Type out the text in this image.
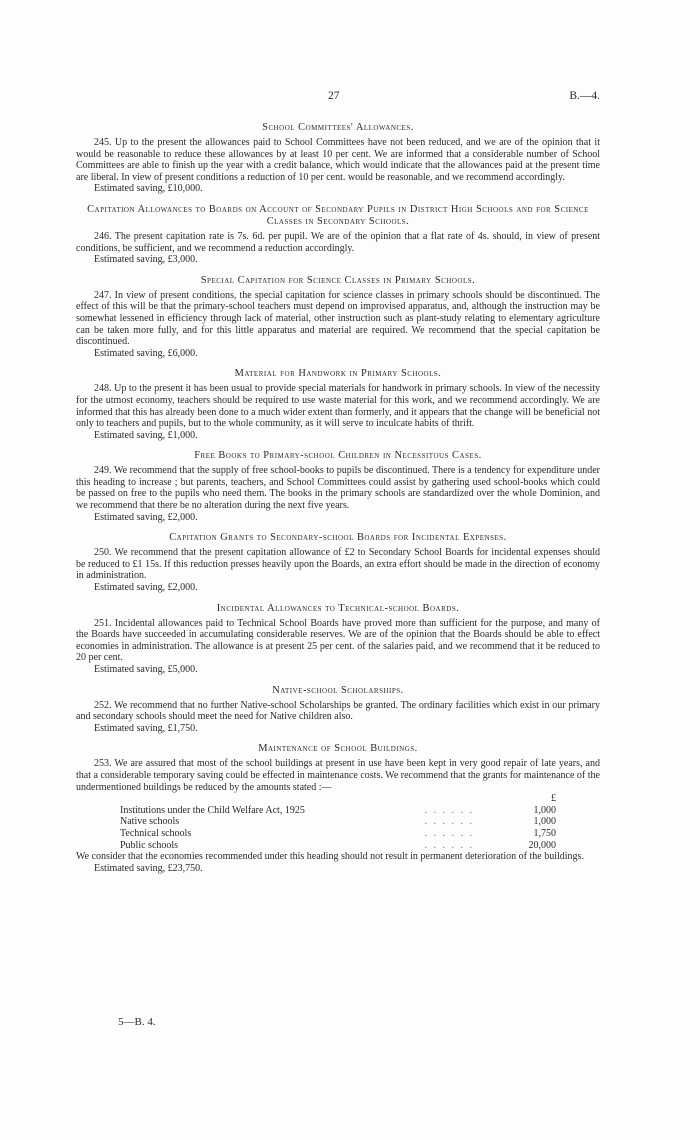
27	B.—4.
School Committees' Allowances.

245. Up to the present the allowances paid to School Committees have not been reduced, and we are of the opinion that it would be reasonable to reduce these allowances by at least 10 per cent. We are informed that a considerable number of School Committees are able to finish up the year with a credit balance, which would indicate that the allowances paid at the present time are liberal. In view of present conditions a reduction of 10 per cent. would be reasonable, and we recommend accordingly.

Estimated saving, £10,000.

Capitation Allowances to Boards on Account of Secondary Pupils in District High Schools and for Science Classes in Secondary Schools.

246. The present capitation rate is 7s. 6d. per pupil. We are of the opinion that a flat rate of 4s. should, in view of present conditions, be sufficient, and we recommend a reduction accordingly.

Estimated saving, £3,000.

Special Capitation for Science Classes in Primary Schools.

247. In view of present conditions, the special capitation for science classes in primary schools should be discontinued. The effect of this will be that the primary-school teachers must depend on improvised apparatus, and, although the instruction may be somewhat lessened in efficiency through lack of material, other instruction such as plant-study relating to elementary agriculture can be taken more fully, and for this little apparatus and material are required. We recommend that the special capitation be discontinued.

Estimated saving, £6,000.

Material for Handwork in Primary Schools.

248. Up to the present it has been usual to provide special materials for handwork in primary schools. In view of the necessity for the utmost economy, teachers should be required to use waste material for this work, and we recommend accordingly. We are informed that this has already been done to a much wider extent than formerly, and it appears that the change will be beneficial not only to teachers and pupils, but to the whole community, as it will serve to inculcate habits of thrift.

Estimated saving, £1,000.

Free Books to Primary-school Children in Necessitous Cases.

249. We recommend that the supply of free school-books to pupils be discontinued. There is a tendency for expenditure under this heading to increase ; but parents, teachers, and School Committees could assist by gathering used school-books which could be passed on free to the pupils who need them. The books in the primary schools are standardized over the whole Dominion, and we recommend that there be no alteration during the next five years.

Estimated saving, £2,000.

Capitation Grants to Secondary-school Boards for Incidental Expenses.

250. We recommend that the present capitation allowance of £2 to Secondary School Boards for incidental expenses should be reduced to £1 15s. If this reduction presses heavily upon the Boards, an extra effort should be made in the direction of economy in administration.

Estimated saving, £2,000.

Incidental Allowances to Technical-school Boards.

251. Incidental allowances paid to Technical School Boards have proved more than sufficient for the purpose, and many of the Boards have succeeded in accumulating considerable reserves. We are of the opinion that the Boards should be able to effect economies in administration. The allowance is at present 25 per cent. of the salaries paid, and we recommend that it be reduced to 20 per cent.

Estimated saving, £5,000.

Native-school Scholarships.

252. We recommend that no further Native-school Scholarships be granted. The ordinary facilities which exist in our primary and secondary schools should meet the need for Native children also.

Estimated saving, £1,750.

Maintenance of School Buildings.

253. We are assured that most of the school buildings at present in use have been kept in very good repair of late years, and that a considerable temporary saving could be effected in maintenance costs. We recommend that the grants for maintenance of the undermentioned buildings be reduced by the amounts stated :—

£
Institutions under the Child Welfare Act, 1925	. . . . . .	1,000
Native schools	. . . . . .	1,000
Technical schools	. . . . . .	1,750
Public schools	. . . . . .	20,000

We consider that the economies recommended under this heading should not result in permanent deterioration of the buildings.

Estimated saving, £23,750.

5—B. 4.
